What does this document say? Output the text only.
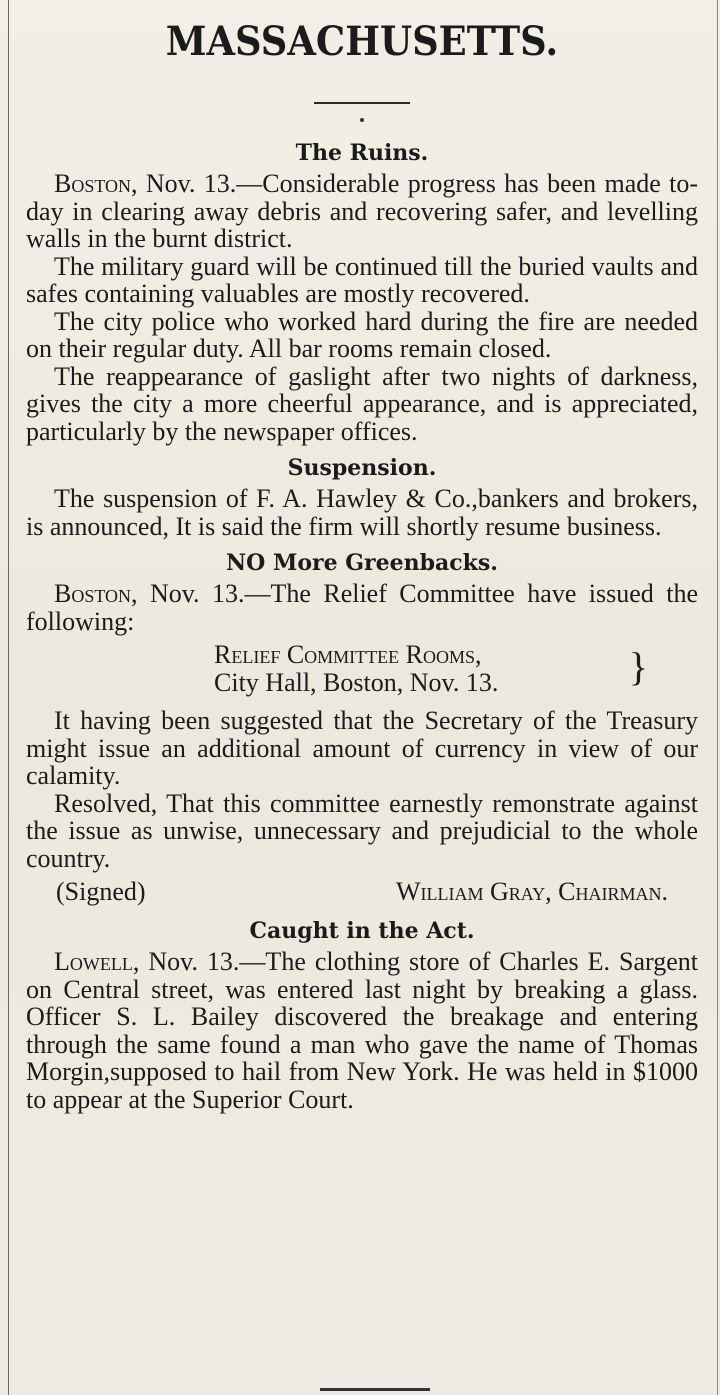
MASSACHUSETTS.
The Ruins.

Boston, Nov. 13.—Considerable progress has been made to-day in clearing away debris and recovering safer, and levelling walls in the burnt district.

The military guard will be continued till the buried vaults and safes containing valuables are mostly recovered.

The city police who worked hard during the fire are needed on their regular duty. All bar rooms remain closed.

The reappearance of gaslight after two nights of darkness, gives the city a more cheerful appearance, and is appreciated, particularly by the newspaper offices.

Suspension.

The suspension of F. A. Hawley & Co.,bankers and brokers, is announced, It is said the firm will shortly resume business.

NO More Greenbacks.

Boston, Nov. 13.—The Relief Committee have issued the following:

}
Relief Committee Rooms,
City Hall, Boston, Nov. 13.

It having been suggested that the Secretary of the Treasury might issue an additional amount of currency in view of our calamity.

Resolved, That this committee earnestly remonstrate against the issue as unwise, unnecessary and prejudicial to the whole country.

(Signed)	William Gray, Chairman.
Caught in the Act.

Lowell, Nov. 13.—The clothing store of Charles E. Sargent on Central street, was entered last night by breaking a glass. Officer S. L. Bailey discovered the breakage and entering through the same found a man who gave the name of Thomas Morgin,supposed to hail from New York. He was held in $1000 to appear at the Superior Court.
